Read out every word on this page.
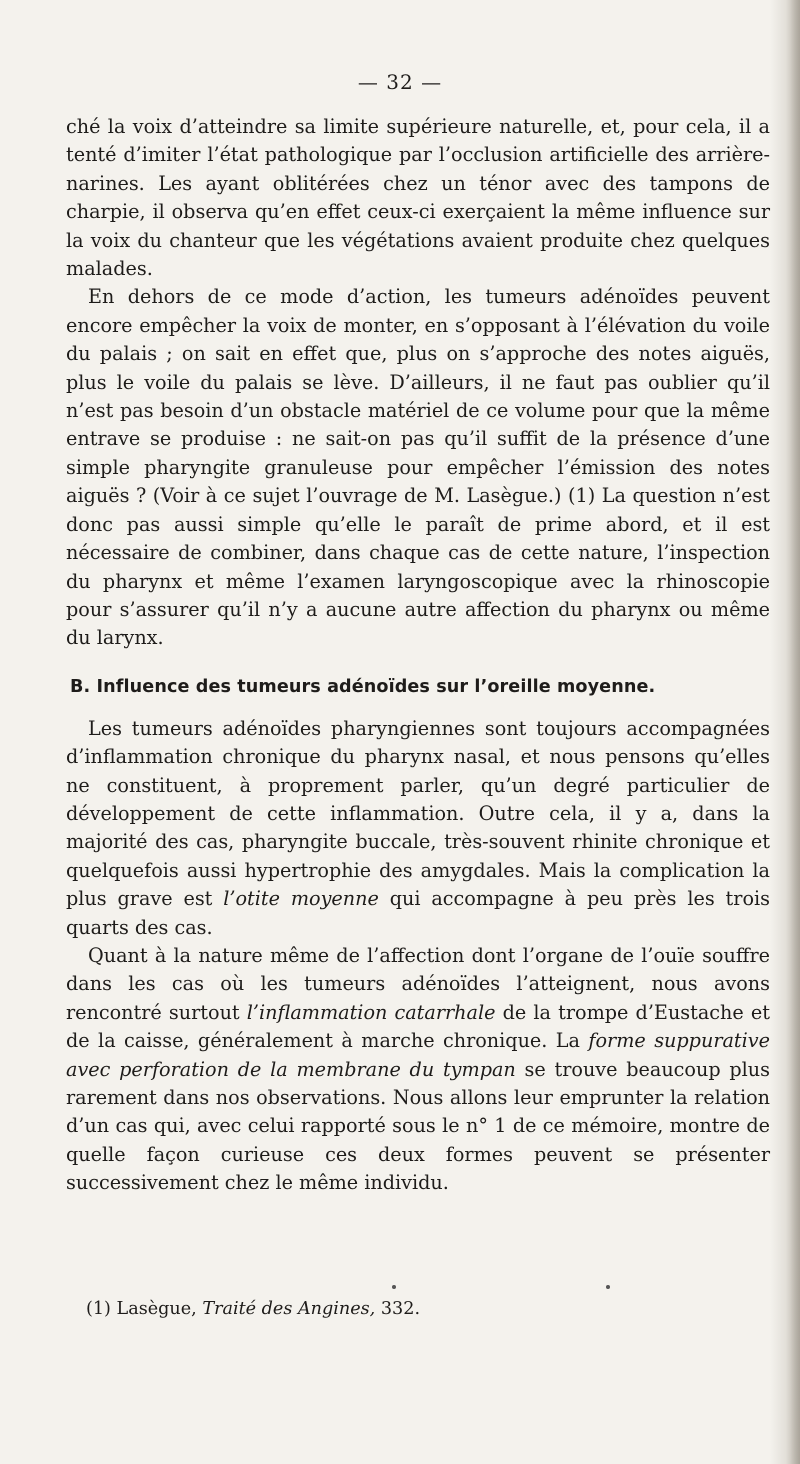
— 32 —

ché la voix d’atteindre sa limite supérieure naturelle, et, pour cela, il a tenté d’imiter l’état pathologique par l’occlusion artificielle des arrière-narines. Les ayant oblitérées chez un ténor avec des tampons de charpie, il observa qu’en effet ceux-ci exerçaient la même influence sur la voix du chanteur que les végétations avaient produite chez quelques malades.

En dehors de ce mode d’action, les tumeurs adénoïdes peuvent encore empêcher la voix de monter, en s’opposant à l’élévation du voile du palais ; on sait en effet que, plus on s’approche des notes aiguës, plus le voile du palais se lève. D’ailleurs, il ne faut pas oublier qu’il n’est pas besoin d’un obstacle matériel de ce volume pour que la même entrave se produise : ne sait-on pas qu’il suffit de la présence d’une simple pharyngite granuleuse pour empêcher l’émission des notes aiguës ? (Voir à ce sujet l’ouvrage de M. Lasègue.) (1) La question n’est donc pas aussi simple qu’elle le paraît de prime abord, et il est nécessaire de combiner, dans chaque cas de cette nature, l’inspection du pharynx et même l’examen laryngoscopique avec la rhinoscopie pour s’assurer qu’il n’y a aucune autre affection du pharynx ou même du larynx.

B. Influence des tumeurs adénoïdes sur l’oreille moyenne.

Les tumeurs adénoïdes pharyngiennes sont toujours accompagnées d’inflammation chronique du pharynx nasal, et nous pensons qu’elles ne constituent, à proprement parler, qu’un degré particulier de développement de cette inflammation. Outre cela, il y a, dans la majorité des cas, pharyngite buccale, très-souvent rhinite chronique et quelquefois aussi hypertrophie des amygdales. Mais la complication la plus grave est l’otite moyenne qui accompagne à peu près les trois quarts des cas.

Quant à la nature même de l’affection dont l’organe de l’ouïe souffre dans les cas où les tumeurs adénoïdes l’atteignent, nous avons rencontré surtout l’inflammation catarrhale de la trompe d’Eustache et de la caisse, généralement à marche chronique. La forme suppurative avec perforation de la membrane du tympan se trouve beaucoup plus rarement dans nos observations. Nous allons leur emprunter la relation d’un cas qui, avec celui rapporté sous le n° 1 de ce mémoire, montre de quelle façon curieuse ces deux formes peuvent se présenter successivement chez le même individu.

(1) Lasègue, Traité des Angines, 332.
